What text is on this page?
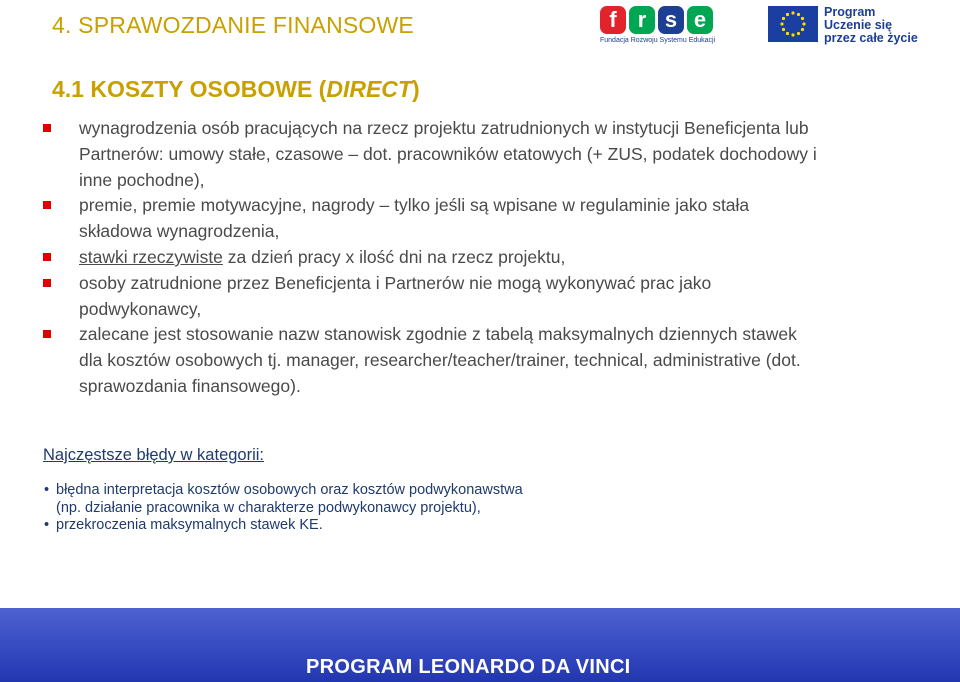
4. SPRAWOZDANIE FINANSOWE
4.1 KOSZTY OSOBOWE (DIRECT)
f r s e
Fundacja Rozwoju Systemu Edukacji
Program
Uczenie się
przez całe życie
wynagrodzenia osób pracujących na rzecz projektu zatrudnionych w instytucji Beneficjenta lub Partnerów: umowy stałe, czasowe – dot. pracowników etatowych (+ ZUS, podatek dochodowy i inne pochodne),
premie, premie motywacyjne, nagrody – tylko jeśli są wpisane w regulaminie jako stała składowa wynagrodzenia,
stawki rzeczywiste za dzień pracy x ilość dni na rzecz projektu,
osoby zatrudnione przez Beneficjenta i Partnerów nie mogą wykonywać prac jako podwykonawcy,
zalecane jest stosowanie nazw stanowisk zgodnie z tabelą maksymalnych dziennych stawek dla kosztów osobowych tj. manager, researcher/teacher/trainer, technical, administrative (dot. sprawozdania finansowego).
Najczęstsze błędy w kategorii:
• błędna interpretacja kosztów osobowych oraz kosztów podwykonawstwa
(np. działanie pracownika w charakterze podwykonawcy projektu),
• przekroczenia maksymalnych stawek KE.
PROGRAM LEONARDO DA VINCI
